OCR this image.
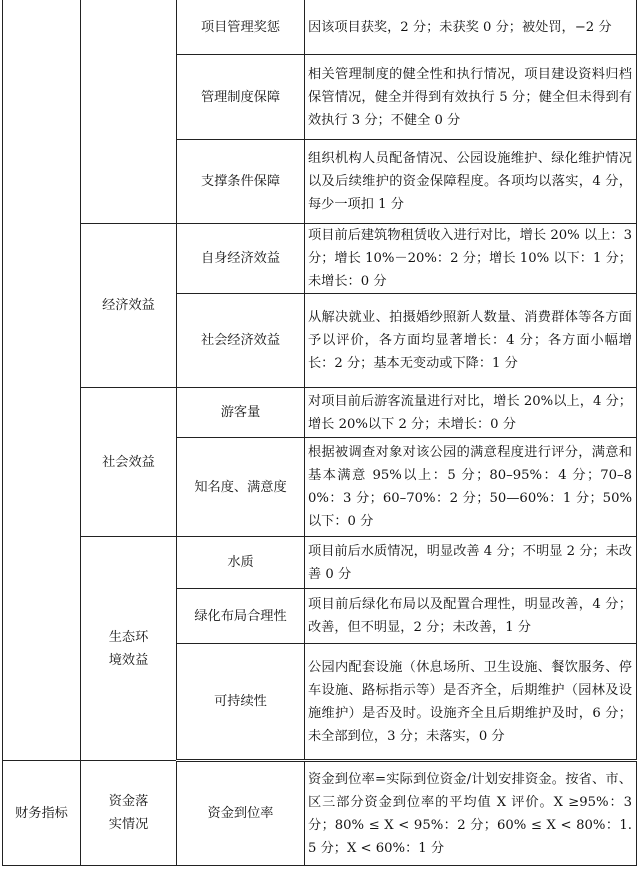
		项目管理奖惩	因该项目获奖，2 分；未获奖 0 分；被处罚，−2 分

		管理制度保障	相关管理制度的健全性和执行情况，项目建设资料归档保管情况，健全并得到有效执行 5 分；健全但未得到有效执行 3 分；不健全 0 分

		支撑条件保障	组织机构人员配备情况、公园设施维护、绿化维护情况以及后续维护的资金保障程度。各项均以落实，4 分，每少一项扣 1 分

	经济效益	自身经济效益	项目前后建筑物租赁收入进行对比，增长 20% 以上：3 分；增长 10%－20%：2 分；增长 10% 以下：1 分；未增长：0 分

		社会经济效益	从解决就业、拍摄婚纱照新人数量、消费群体等各方面予以评价，各方面均显著增长：4 分；各方面小幅增长：2 分；基本无变动或下降：1 分

	社会效益	游客量	对项目前后游客流量进行对比，增长 20%以上，4 分；增长 20%以下 2 分；未增长：0 分

		知名度、满意度	根据被调查对象对该公园的满意程度进行评分，满意和基本满意 95%以上：5 分；80–95%：4 分；70–80%：3 分；60–70%：2 分；50—60%：1 分；50%以下：0 分

	生态环
境效益	水质	项目前后水质情况，明显改善 4 分；不明显 2 分；未改善 0 分

		绿化布局合理性	项目前后绿化布局以及配置合理性，明显改善，4 分；改善，但不明显，2 分；未改善，1 分

		可持续性	公园内配套设施（休息场所、卫生设施、餐饮服务、停车设施、路标指示等）是否齐全，后期维护（园林及设施维护）是否及时。设施齐全且后期维护及时，6 分；未全部到位，3 分；未落实，0 分

财务指标	资金落
实情况	资金到位率	资金到位率=实际到位资金/计划安排资金。按省、市、区三部分资金到位率的平均值 X 评价。X ≥95%：3 分；80% ≤ X < 95%：2 分；60% ≤ X < 80%：1.5 分；X < 60%：1 分
